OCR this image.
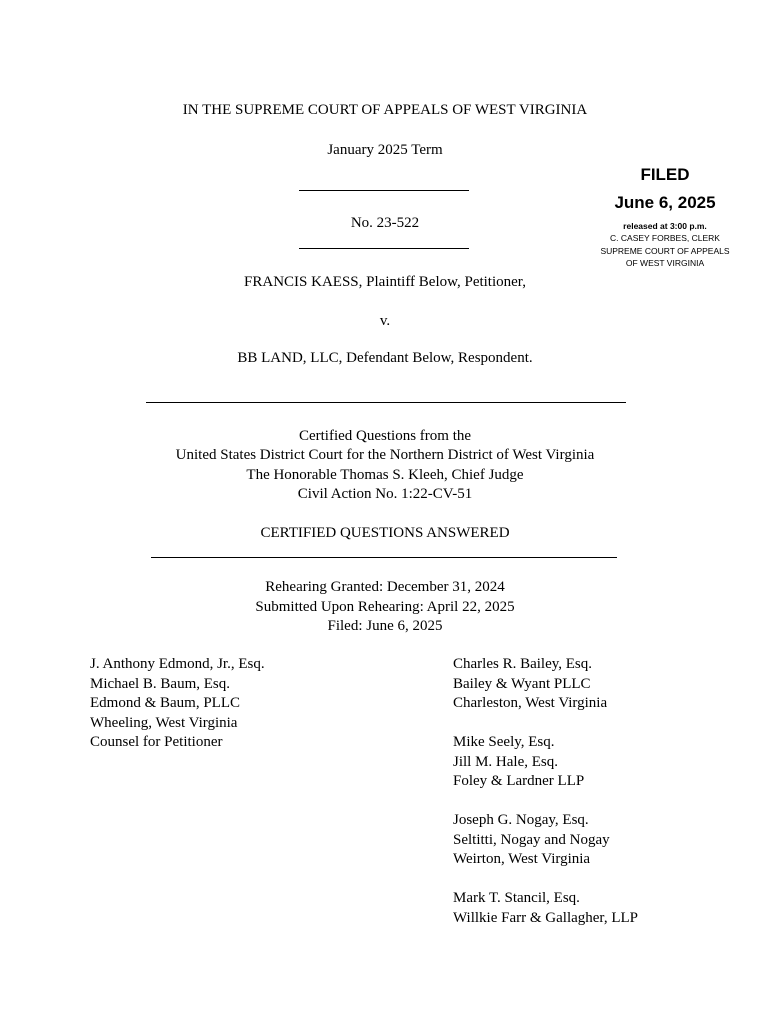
IN THE SUPREME COURT OF APPEALS OF WEST VIRGINIA
January 2025 Term
No. 23-522
FILED
June 6, 2025
released at 3:00 p.m.
C. CASEY FORBES, CLERK
SUPREME COURT OF APPEALS
OF WEST VIRGINIA
FRANCIS KAESS, Plaintiff Below, Petitioner,
v.
BB LAND, LLC, Defendant Below, Respondent.
Certified Questions from the
United States District Court for the Northern District of West Virginia
The Honorable Thomas S. Kleeh, Chief Judge
Civil Action No. 1:22-CV-51
CERTIFIED QUESTIONS ANSWERED
Rehearing Granted: December 31, 2024
Submitted Upon Rehearing: April 22, 2025
Filed: June 6, 2025
J. Anthony Edmond, Jr., Esq.
Michael B. Baum, Esq.
Edmond & Baum, PLLC
Wheeling, West Virginia
Counsel for Petitioner
Charles R. Bailey, Esq.
Bailey & Wyant PLLC
Charleston, West Virginia
Mike Seely, Esq.
Jill M. Hale, Esq.
Foley & Lardner LLP
Joseph G. Nogay, Esq.
Seltitti, Nogay and Nogay
Weirton, West Virginia
Mark T. Stancil, Esq.
Willkie Farr & Gallagher, LLP
